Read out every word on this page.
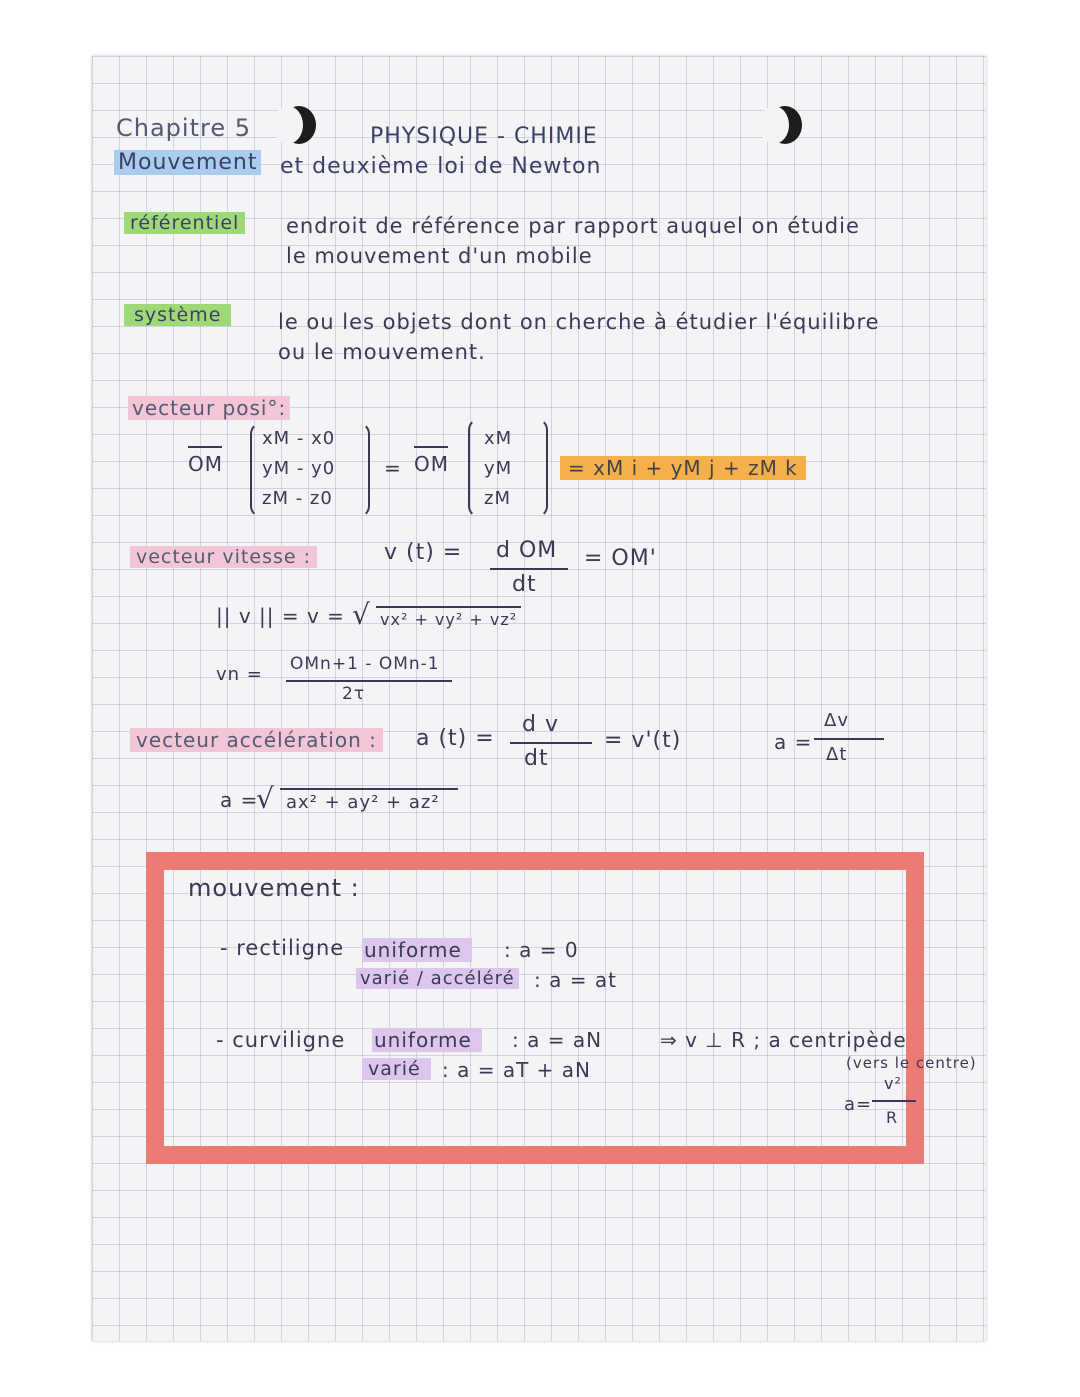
Chapitre 5	PHYSIQUE - CHIMIE
Mouvement et deuxième loi de Newton
référentiel endroit de référence par rapport auquel on étudie
le mouvement d'un mobile
système	le ou les objets dont on cherche à étudier l'équilibre
ou le mouvement.
vecteur posi°:
OM
xM - x0
yM - y0
zM - z0
= OM
xM
yM
zM
= xM i + yM j + zM k
vecteur vitesse :	v (t) = d OM
dt
= OM'
|| v || = v = vx² + vy² + vz²
√
vn = OMn+1 - OMn-1
2τ
vecteur accélération : a (t) =
d v
dt
= v'(t)	a =
Δv
Δt
a =
√ ax² + ay² + az²
mouvement :
- rectiligne uniforme	: a = 0
varié / accéléré : a = at
- curviligne uniforme	: a = aN	⇒ v ⊥ R ; a centripède
(vers le centre)
varié	: a = aT + aN
a=
v²
R
